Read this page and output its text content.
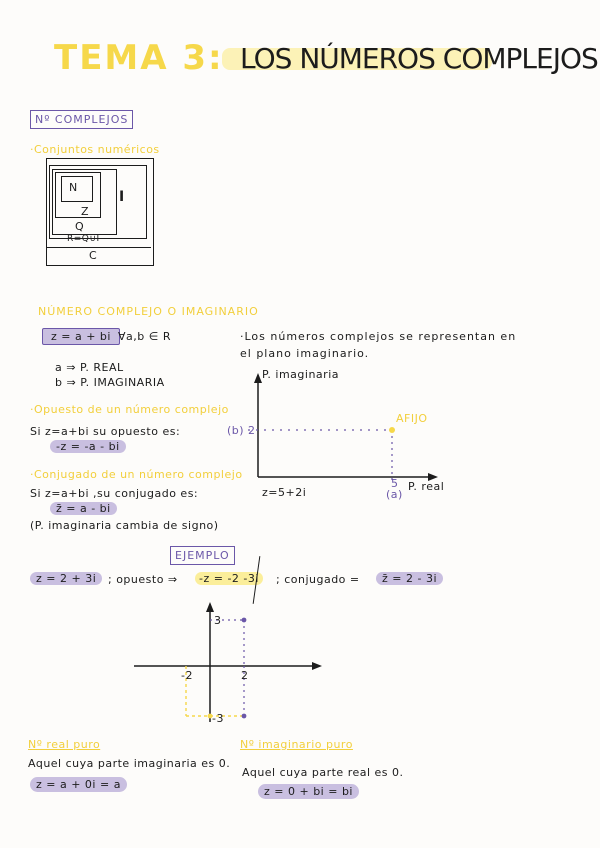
TEMA 3 : LOS NÚMEROS COMPLEJOS
Nº COMPLEJOS
·Conjuntos numéricos
N
Z
Q
I
R=Q∪I
C
NÚMERO COMPLEJO O IMAGINARIO
z = a + bi ∀a,b ∈ R
a ⇒ P. REAL
b ⇒ P. IMAGINARIA
·Los números complejos se representan en
el plano imaginario.
·Opuesto de un número complejo
Si z=a+bi su opuesto es:
-z = -a - bi
·Conjugado de un número complejo
Si z=a+bi ,su conjugado es:
z̄ = a - bi
(P. imaginaria cambia de signo)
P. imaginaria
P. real
AFIJO
(b) 2
5
(a)
z=5+2i
EJEMPLO
z = 2 + 3i	; opuesto ⇒	-z = -2 -3i	; conjugado =	z̄ = 2 - 3i
3
-3
2
-2
Nº real puro
Aquel cuya parte imaginaria es 0.
z = a + 0i = a
Nº imaginario puro
Aquel cuya parte real es 0.
z = 0 + bi = bi
